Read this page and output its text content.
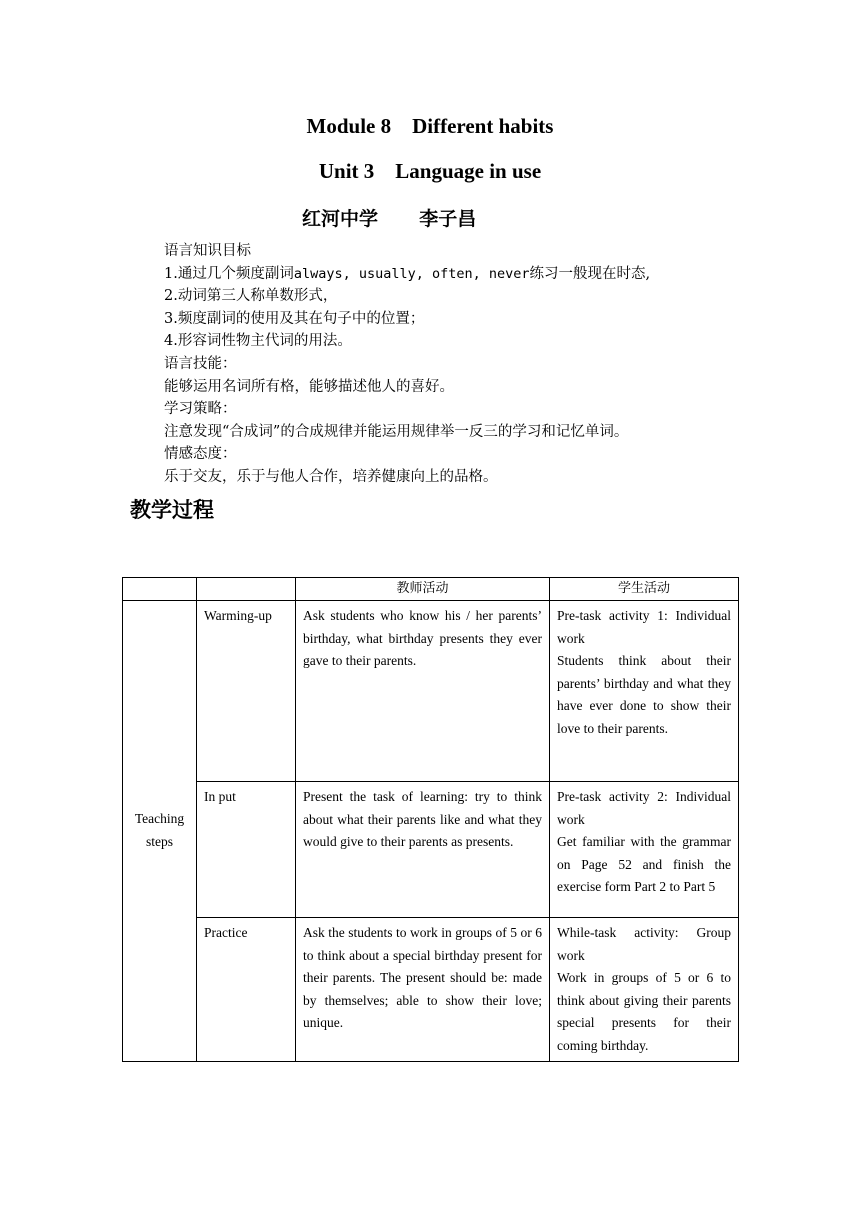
Module 8    Different habits
Unit 3    Language in use
红河中学  李子昌
语言知识目标
1.通过几个频度副词always, usually, often, never练习一般现在时态,
2.动词第三人称单数形式，
3.频度副词的使用及其在句子中的位置；
4.形容词性物主代词的用法。
语言技能：
能够运用名词所有格，能够描述他人的喜好。
学习策略：
注意发现“合成词”的合成规律并能运用规律举一反三的学习和记忆单词。
情感态度：
乐于交友，乐于与他人合作，培养健康向上的品格。
教学过程
		教师活动	学生活动
Teaching steps	Warming-up	Ask students who know his / her parents’ birthday, what birthday presents they ever gave to their parents.	Pre-task activity 1: Individual work
Students think about their parents’ birthday and what they have ever done to show their love to their parents.

	In put	Present the task of learning: try to think about what their parents like and what they would give to their parents as presents.	Pre-task activity 2: Individual work
Get familiar with the grammar on Page 52 and finish the exercise form Part 2 to Part 5

	Practice	Ask the students to work in groups of 5 or 6 to think about a special birthday present for their parents. The present should be: made by themselves; able to show their love; unique.	While-task activity: Group work
Work in groups of 5 or 6 to think about giving their parents special presents for their coming birthday.
